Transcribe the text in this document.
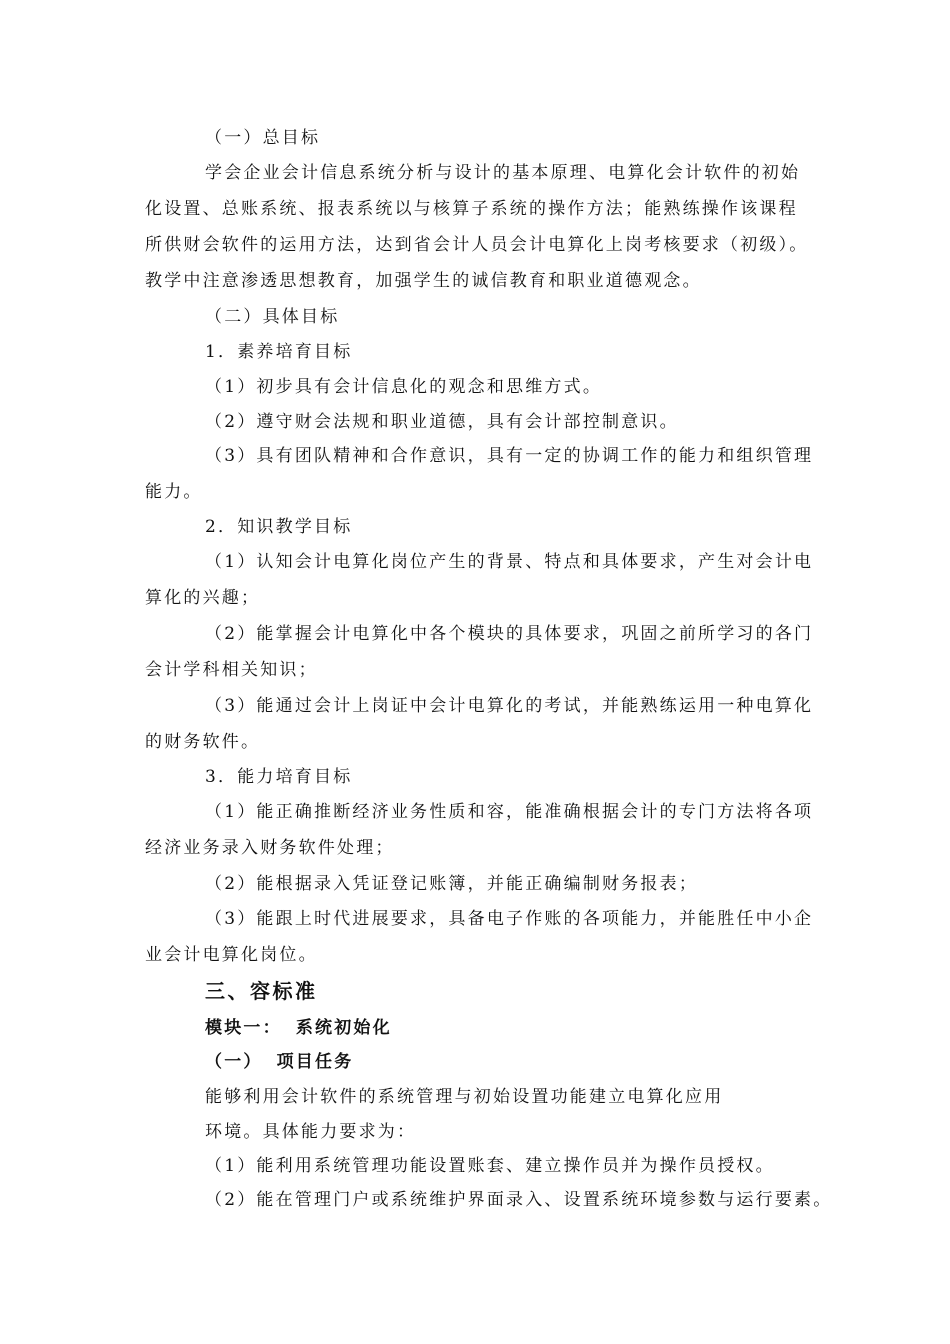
（一）总目标
学会企业会计信息系统分析与设计的基本原理、电算化会计软件的初始
化设置、总账系统、报表系统以与核算子系统的操作方法；能熟练操作该课程
所供财会软件的运用方法，达到省会计人员会计电算化上岗考核要求（初级）。
教学中注意渗透思想教育，加强学生的诚信教育和职业道德观念。
（二）具体目标
1．素养培育目标
（1）初步具有会计信息化的观念和思维方式。
（2）遵守财会法规和职业道德，具有会计部控制意识。
（3）具有团队精神和合作意识，具有一定的协调工作的能力和组织管理
能力。
2．知识教学目标
（1）认知会计电算化岗位产生的背景、特点和具体要求，产生对会计电
算化的兴趣；
（2）能掌握会计电算化中各个模块的具体要求，巩固之前所学习的各门
会计学科相关知识；
（3）能通过会计上岗证中会计电算化的考试，并能熟练运用一种电算化
的财务软件。
3．能力培育目标
（1）能正确推断经济业务性质和容，能准确根据会计的专门方法将各项
经济业务录入财务软件处理；
（2）能根据录入凭证登记账簿，并能正确编制财务报表；
（3）能跟上时代进展要求，具备电子作账的各项能力，并能胜任中小企
业会计电算化岗位。
三、容标准
模块一： 系统初始化
（一） 项目任务
能够利用会计软件的系统管理与初始设置功能建立电算化应用
环境。具体能力要求为：
（1）能利用系统管理功能设置账套、建立操作员并为操作员授权。
（2）能在管理门户或系统维护界面录入、设置系统环境参数与运行要素。
